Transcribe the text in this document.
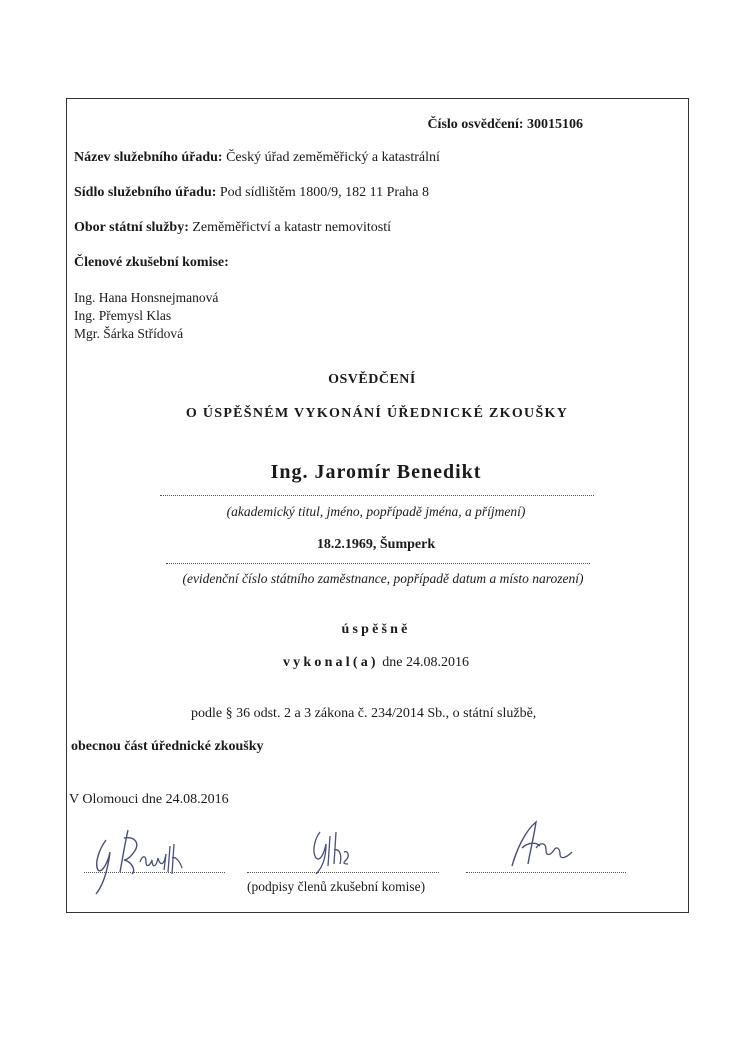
Číslo osvědčení: 30015106
Název služebního úřadu: Český úřad zeměměřický a katastrální
Sídlo služebního úřadu: Pod sídlištěm 1800/9, 182 11 Praha 8
Obor státní služby: Zeměměřictví a katastr nemovitostí
Členové zkušební komise:
Ing. Hana Honsnejmanová
Ing. Přemysl Klas
Mgr. Šárka Střídová
OSVĚDČENÍ
O ÚSPĚŠNÉM VYKONÁNÍ ÚŘEDNICKÉ ZKOUŠKY
Ing. Jaromír Benedikt
(akademický titul, jméno, popřípadě jména, a příjmení)
18.2.1969, Šumperk
(evidenční číslo státního zaměstnance, popřípadě datum a místo narození)
úspěšně
vykonal(a) dne 24.08.2016
podle § 36 odst. 2 a 3 zákona č. 234/2014 Sb., o státní službě,
obecnou část úřednické zkoušky
V Olomouci dne 24.08.2016
(podpisy členů zkušební komise)
